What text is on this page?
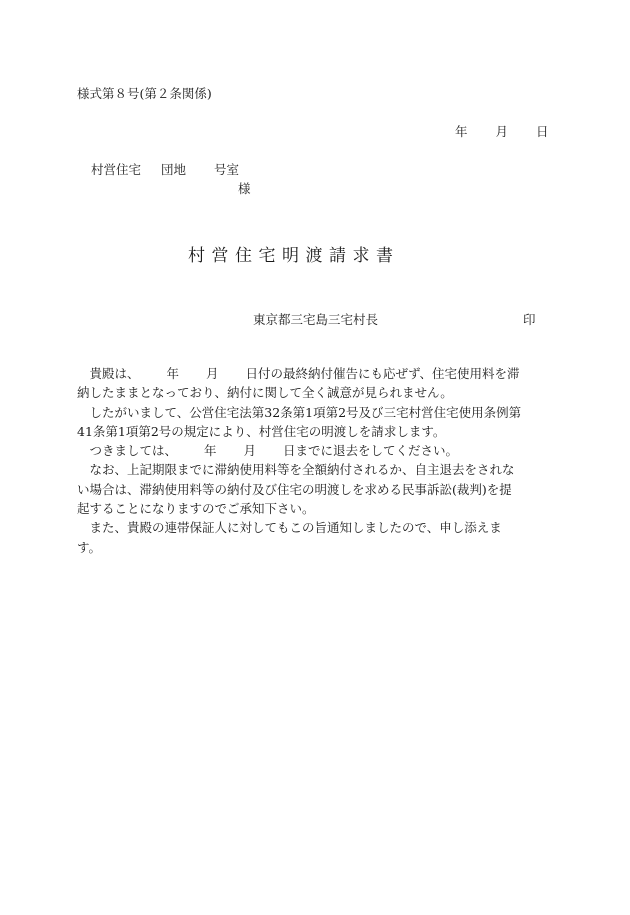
様式第８号(第２条関係)
年 月 日
村営住宅 団地 号室
様
村営住宅明渡請求書
東京都三宅島三宅村長	印
　貴殿は、 年 月 日付の最終納付催告にも応ぜず、住宅使用料を滞
納したままとなっており、納付に関して全く誠意が見られません。
　したがいまして、公営住宅法第32条第1項第2号及び三宅村営住宅使用条例第
41条第1項第2号の規定により、村営住宅の明渡しを請求します。
　つきましては、 年 月 日までに退去をしてください。
　なお、上記期限までに滞納使用料等を全額納付されるか、自主退去をされな
い場合は、滞納使用料等の納付及び住宅の明渡しを求める民事訴訟(裁判)を提
起することになりますのでご承知下さい。
　また、貴殿の連帯保証人に対してもこの旨通知しましたので、申し添えま
す。
